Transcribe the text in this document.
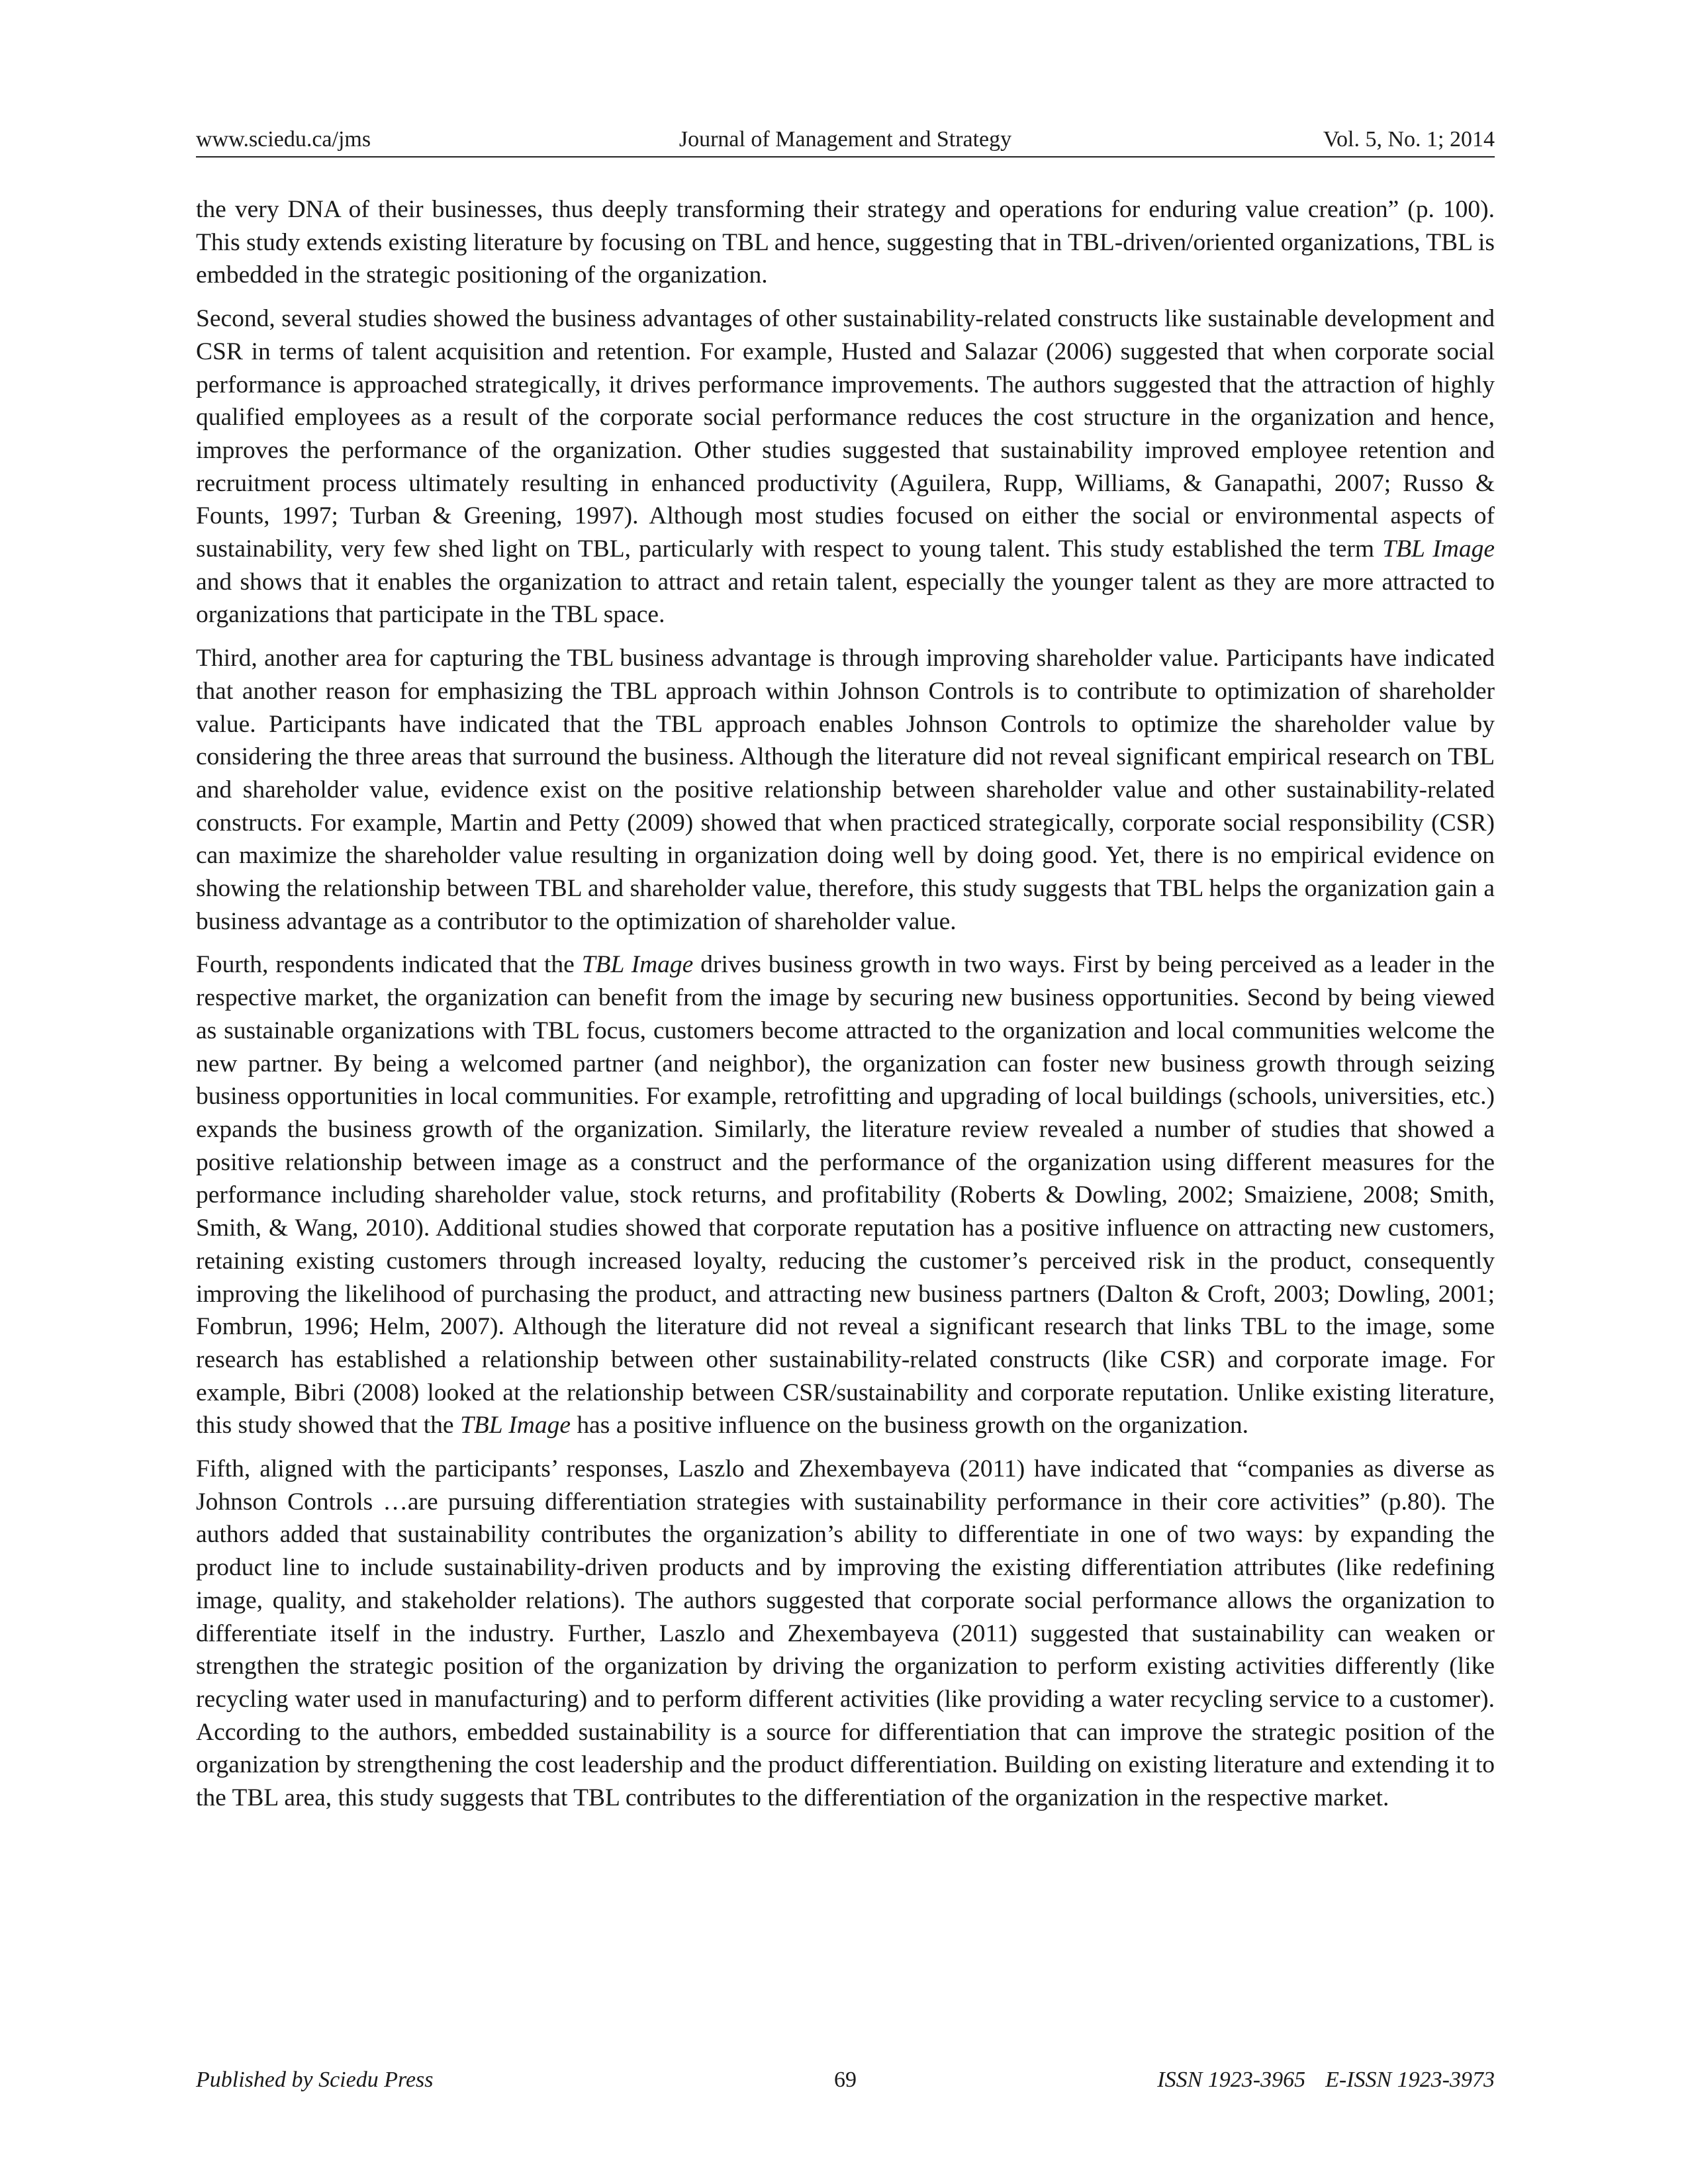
www.sciedu.ca/jms	Journal of Management and Strategy	Vol. 5, No. 1; 2014

the very DNA of their businesses, thus deeply transforming their strategy and operations for enduring value creation” (p. 100). This study extends existing literature by focusing on TBL and hence, suggesting that in TBL-driven/oriented organizations, TBL is embedded in the strategic positioning of the organization.

Second, several studies showed the business advantages of other sustainability-related constructs like sustainable development and CSR in terms of talent acquisition and retention. For example, Husted and Salazar (2006) suggested that when corporate social performance is approached strategically, it drives performance improvements. The authors suggested that the attraction of highly qualified employees as a result of the corporate social performance reduces the cost structure in the organization and hence, improves the performance of the organization. Other studies suggested that sustainability improved employee retention and recruitment process ultimately resulting in enhanced productivity (Aguilera, Rupp, Williams, & Ganapathi, 2007; Russo & Founts, 1997; Turban & Greening, 1997). Although most studies focused on either the social or environmental aspects of sustainability, very few shed light on TBL, particularly with respect to young talent. This study established the term TBL Image and shows that it enables the organization to attract and retain talent, especially the younger talent as they are more attracted to organizations that participate in the TBL space.

Third, another area for capturing the TBL business advantage is through improving shareholder value. Participants have indicated that another reason for emphasizing the TBL approach within Johnson Controls is to contribute to optimization of shareholder value. Participants have indicated that the TBL approach enables Johnson Controls to optimize the shareholder value by considering the three areas that surround the business. Although the literature did not reveal significant empirical research on TBL and shareholder value, evidence exist on the positive relationship between shareholder value and other sustainability-related constructs. For example, Martin and Petty (2009) showed that when practiced strategically, corporate social responsibility (CSR) can maximize the shareholder value resulting in organization doing well by doing good. Yet, there is no empirical evidence on showing the relationship between TBL and shareholder value, therefore, this study suggests that TBL helps the organization gain a business advantage as a contributor to the optimization of shareholder value.

Fourth, respondents indicated that the TBL Image drives business growth in two ways. First by being perceived as a leader in the respective market, the organization can benefit from the image by securing new business opportunities. Second by being viewed as sustainable organizations with TBL focus, customers become attracted to the organization and local communities welcome the new partner. By being a welcomed partner (and neighbor), the organization can foster new business growth through seizing business opportunities in local communities. For example, retrofitting and upgrading of local buildings (schools, universities, etc.) expands the business growth of the organization. Similarly, the literature review revealed a number of studies that showed a positive relationship between image as a construct and the performance of the organization using different measures for the performance including shareholder value, stock returns, and profitability (Roberts & Dowling, 2002; Smaiziene, 2008; Smith, Smith, & Wang, 2010). Additional studies showed that corporate reputation has a positive influence on attracting new customers, retaining existing customers through increased loyalty, reducing the customer’s perceived risk in the product, consequently improving the likelihood of purchasing the product, and attracting new business partners (Dalton & Croft, 2003; Dowling, 2001; Fombrun, 1996; Helm, 2007). Although the literature did not reveal a significant research that links TBL to the image, some research has established a relationship between other sustainability-related constructs (like CSR) and corporate image. For example, Bibri (2008) looked at the relationship between CSR/sustainability and corporate reputation. Unlike existing literature, this study showed that the TBL Image has a positive influence on the business growth on the organization.

Fifth, aligned with the participants’ responses, Laszlo and Zhexembayeva (2011) have indicated that “companies as diverse as Johnson Controls …are pursuing differentiation strategies with sustainability performance in their core activities” (p.80). The authors added that sustainability contributes the organization’s ability to differentiate in one of two ways: by expanding the product line to include sustainability-driven products and by improving the existing differentiation attributes (like redefining image, quality, and stakeholder relations). The authors suggested that corporate social performance allows the organization to differentiate itself in the industry. Further, Laszlo and Zhexembayeva (2011) suggested that sustainability can weaken or strengthen the strategic position of the organization by driving the organization to perform existing activities differently (like recycling water used in manufacturing) and to perform different activities (like providing a water recycling service to a customer). According to the authors, embedded sustainability is a source for differentiation that can improve the strategic position of the organization by strengthening the cost leadership and the product differentiation. Building on existing literature and extending it to the TBL area, this study suggests that TBL contributes to the differentiation of the organization in the respective market.

Published by Sciedu Press	69	ISSN 1923-3965 E-ISSN 1923-3973
